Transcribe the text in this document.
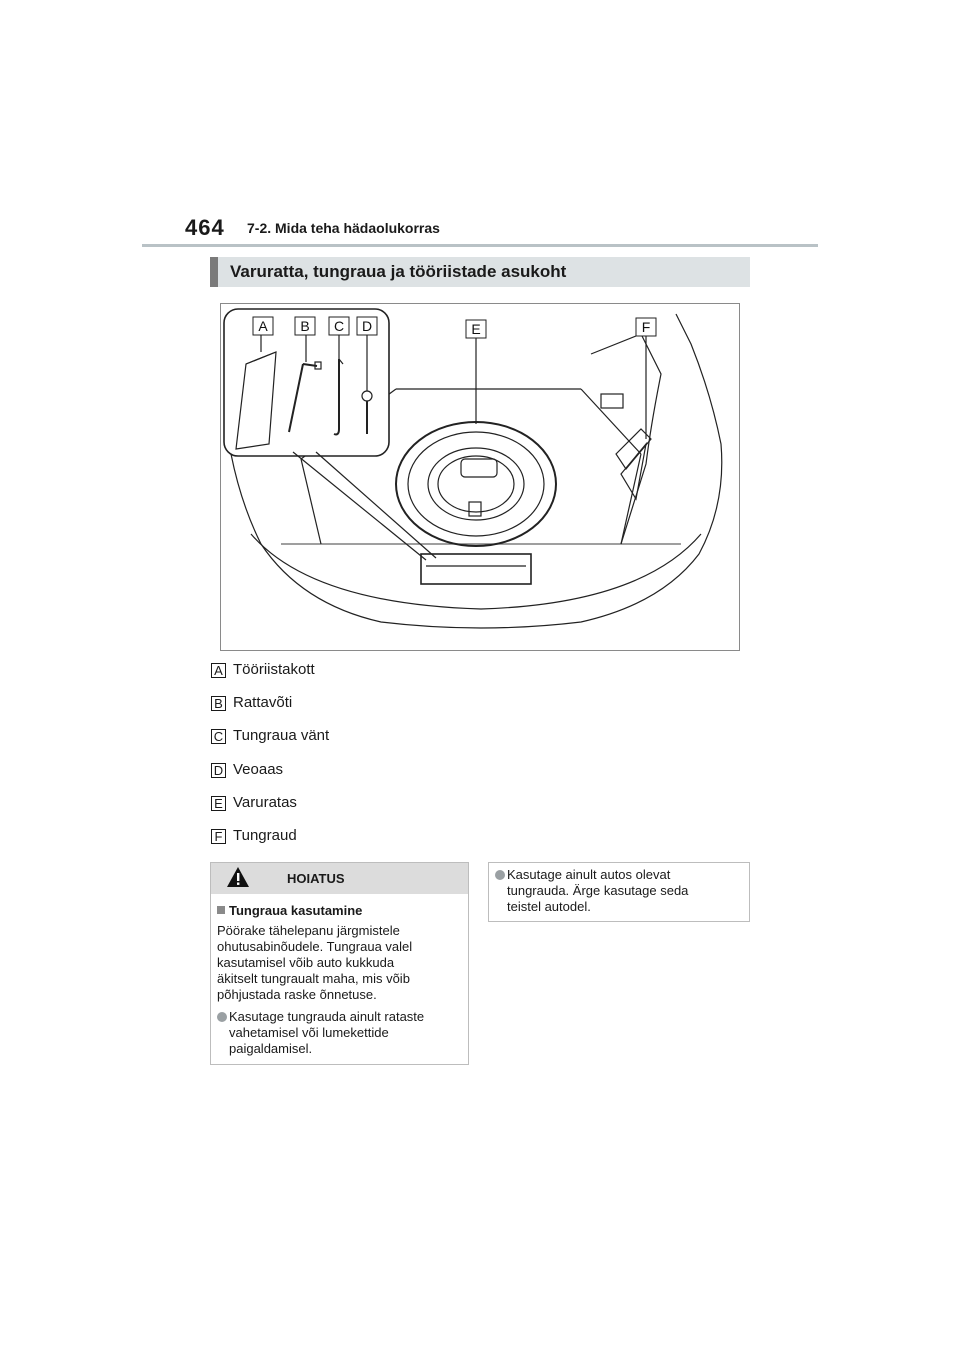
464 7-2. Mida teha hädaolukorras
Varuratta, tungraua ja tööriistade asukoht
A B C D	E	F
A Tööriistakott
B Rattavõti
C Tungraua vänt
D Veoaas
E Varuratas
F Tungraud
HOIATUS
Tungraua kasutamine
Pöörake tähelepanu järgmistele
ohutusabinõudele. Tungraua valel
kasutamisel võib auto kukkuda
äkitselt tungraualt maha, mis võib
põhjustada raske õnnetuse.
Kasutage tungrauda ainult rataste
vahetamisel või lumekettide
paigaldamisel.
Kasutage ainult autos olevat
tungrauda. Ärge kasutage seda
teistel autodel.
